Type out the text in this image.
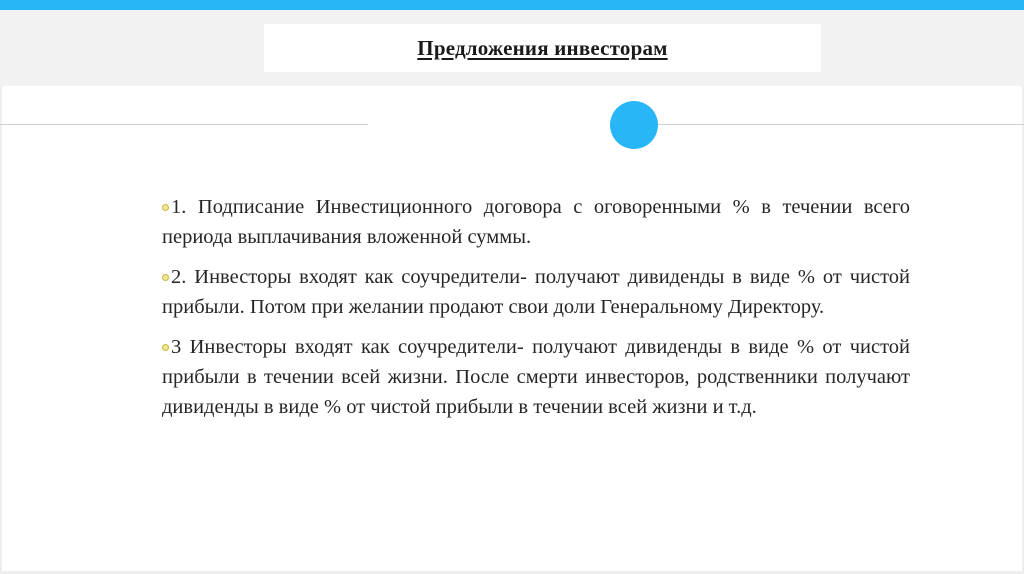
Предложения инвесторам

1. Подписание Инвестиционного договора с оговоренными % в течении всего периода выплачивания вложенной суммы.

2. Инвесторы входят как соучредители- получают дивиденды в виде % от чистой прибыли. Потом при желании продают свои доли Генеральному Директору.

3 Инвесторы входят как соучредители- получают дивиденды в виде % от чистой прибыли в течении всей жизни. После смерти инвесторов, родственники получают дивиденды в виде % от чистой прибыли в течении всей жизни и т.д.
